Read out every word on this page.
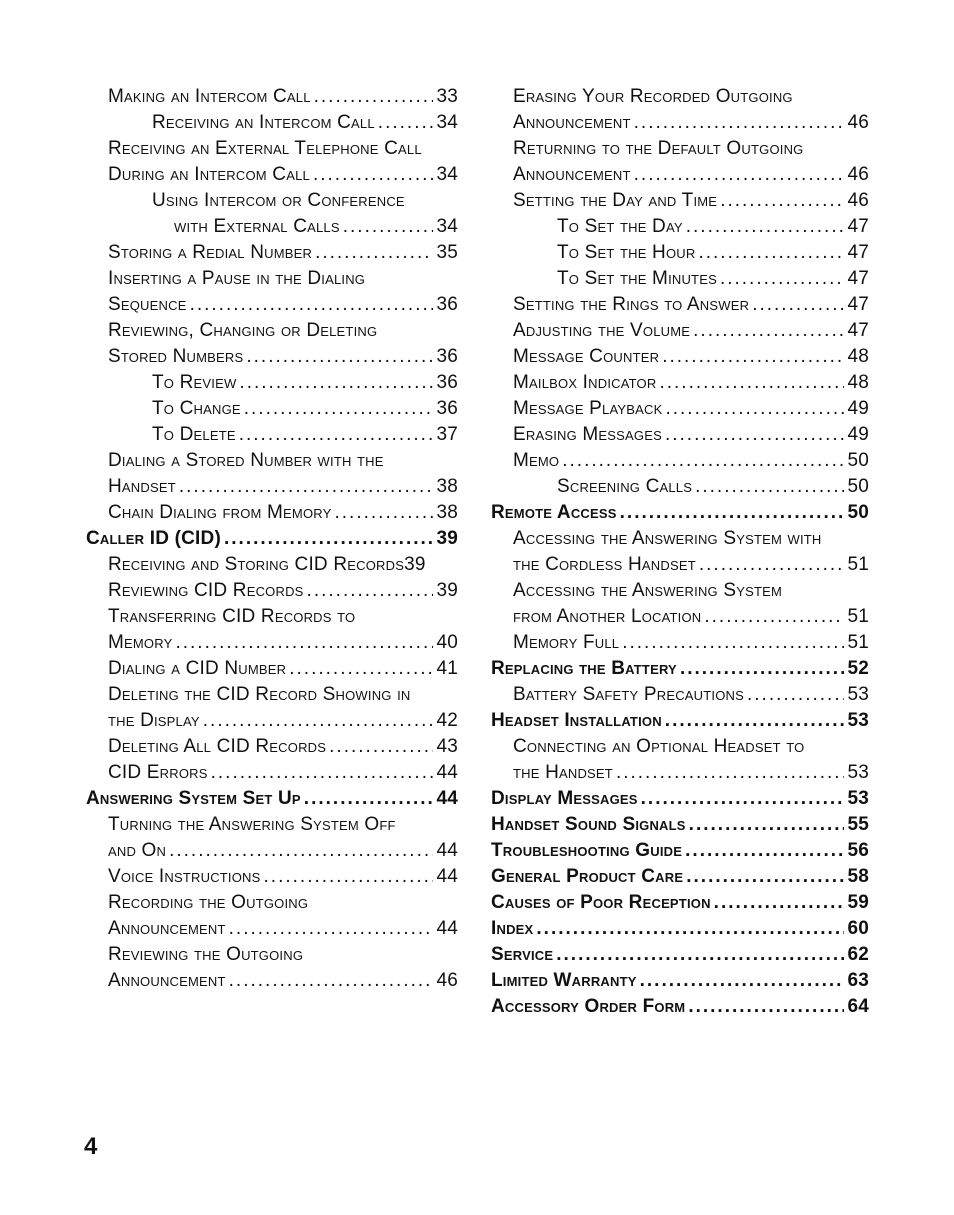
Making an Intercom Call .....	33
Receiving an Intercom Call .....	34
Receiving an External Telephone Call
During an Intercom Call .....	34
Using Intercom or Conference
with External Calls .....	34
Storing a Redial Number .....	35
Inserting a Pause in the Dialing
Sequence .....	36
Reviewing, Changing or Deleting
Stored Numbers .....	36
To Review .....	36
To Change .....	36
To Delete .....	37
Dialing a Stored Number with the
Handset .....	38
Chain Dialing from Memory .....	38
Caller ID (CID) .....	39
Receiving and Storing CID Records 39
Reviewing CID Records .....	39
Transferring CID Records to
Memory .....	40
Dialing a CID Number .....	41
Deleting the CID Record Showing in
the Display .....	42
Deleting All CID Records .....	43
CID Errors .....	44
Answering System Set Up .....	44
Turning the Answering System Off
and On .....	44
Voice Instructions .....	44
Recording the Outgoing
Announcement .....	44
Reviewing the Outgoing
Announcement .....	46
Erasing Your Recorded Outgoing
Announcement .....	46
Returning to the Default Outgoing
Announcement .....	46
Setting the Day and Time .....	46
To Set the Day .....	47
To Set the Hour .....	47
To Set the Minutes .....	47
Setting the Rings to Answer .....	47
Adjusting the Volume .....	47
Message Counter .....	48
Mailbox Indicator .....	48
Message Playback .....	49
Erasing Messages .....	49
Memo .....	50
Screening Calls .....	50
Remote Access .....	50
Accessing the Answering System with
the Cordless Handset .....	51
Accessing the Answering System
from Another Location .....	51
Memory Full .....	51
Replacing the Battery .....	52
Battery Safety Precautions .....	53
Headset Installation .....	53
Connecting an Optional Headset to
the Handset .....	53
Display Messages .....	53
Handset Sound Signals .....	55
Troubleshooting Guide .....	56
General Product Care .....	58
Causes of Poor Reception .....	59
Index .....	60
Service .....	62
Limited Warranty .....	63
Accessory Order Form .....	64
4
